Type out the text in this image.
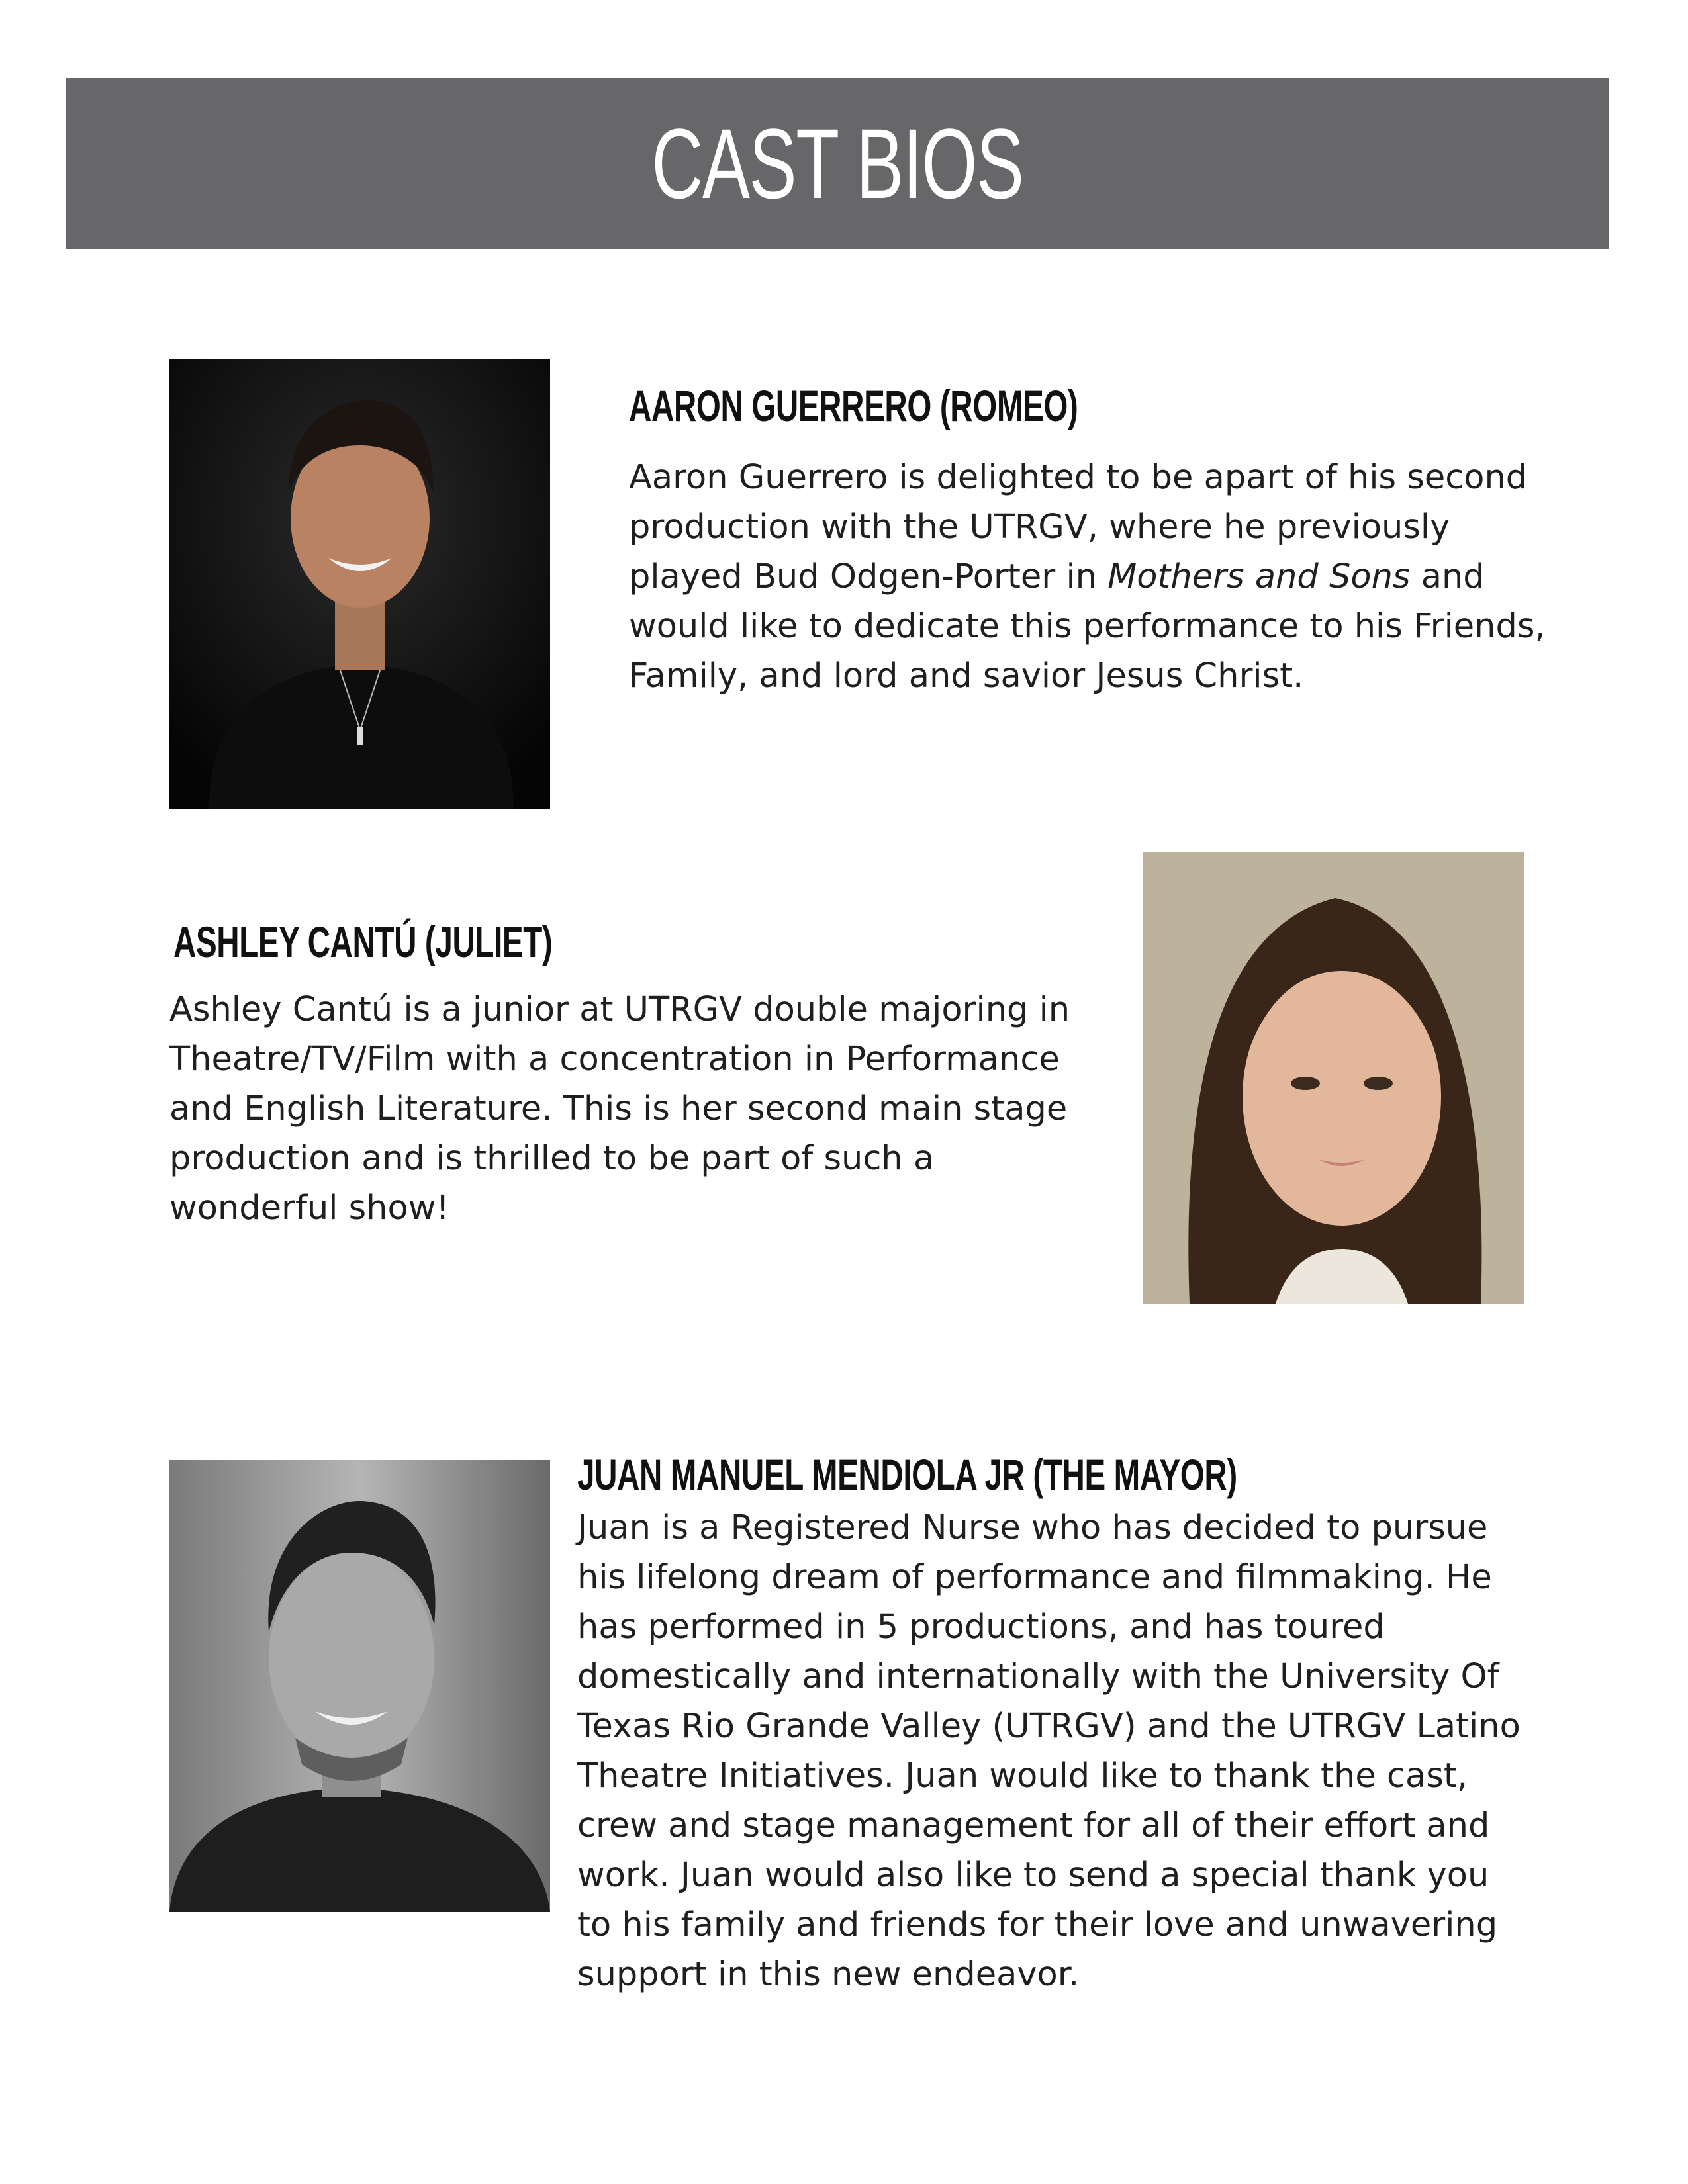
CAST BIOS
AARON GUERRERO (ROMEO)

Aaron Guerrero is delighted to be apart of his second production with the UTRGV, where he previously played Bud Odgen-Porter in Mothers and Sons and would like to dedicate this performance to his Friends, Family, and lord and savior Jesus Christ.

ASHLEY CANTÚ (JULIET)

Ashley Cantú is a junior at UTRGV double majoring in Theatre/TV/Film with a concentration in Performance and English Literature. This is her second main stage production and is thrilled to be part of such a wonderful show!

JUAN MANUEL MENDIOLA JR (THE MAYOR)

Juan is a Registered Nurse who has decided to pursue his lifelong dream of performance and filmmaking. He has performed in 5 productions, and has toured domestically and internationally with the University Of Texas Rio Grande Valley (UTRGV) and the UTRGV Latino Theatre Initiatives. Juan would like to thank the cast, crew and stage management for all of their effort and work. Juan would also like to send a special thank you to his family and friends for their love and unwavering support in this new endeavor.
